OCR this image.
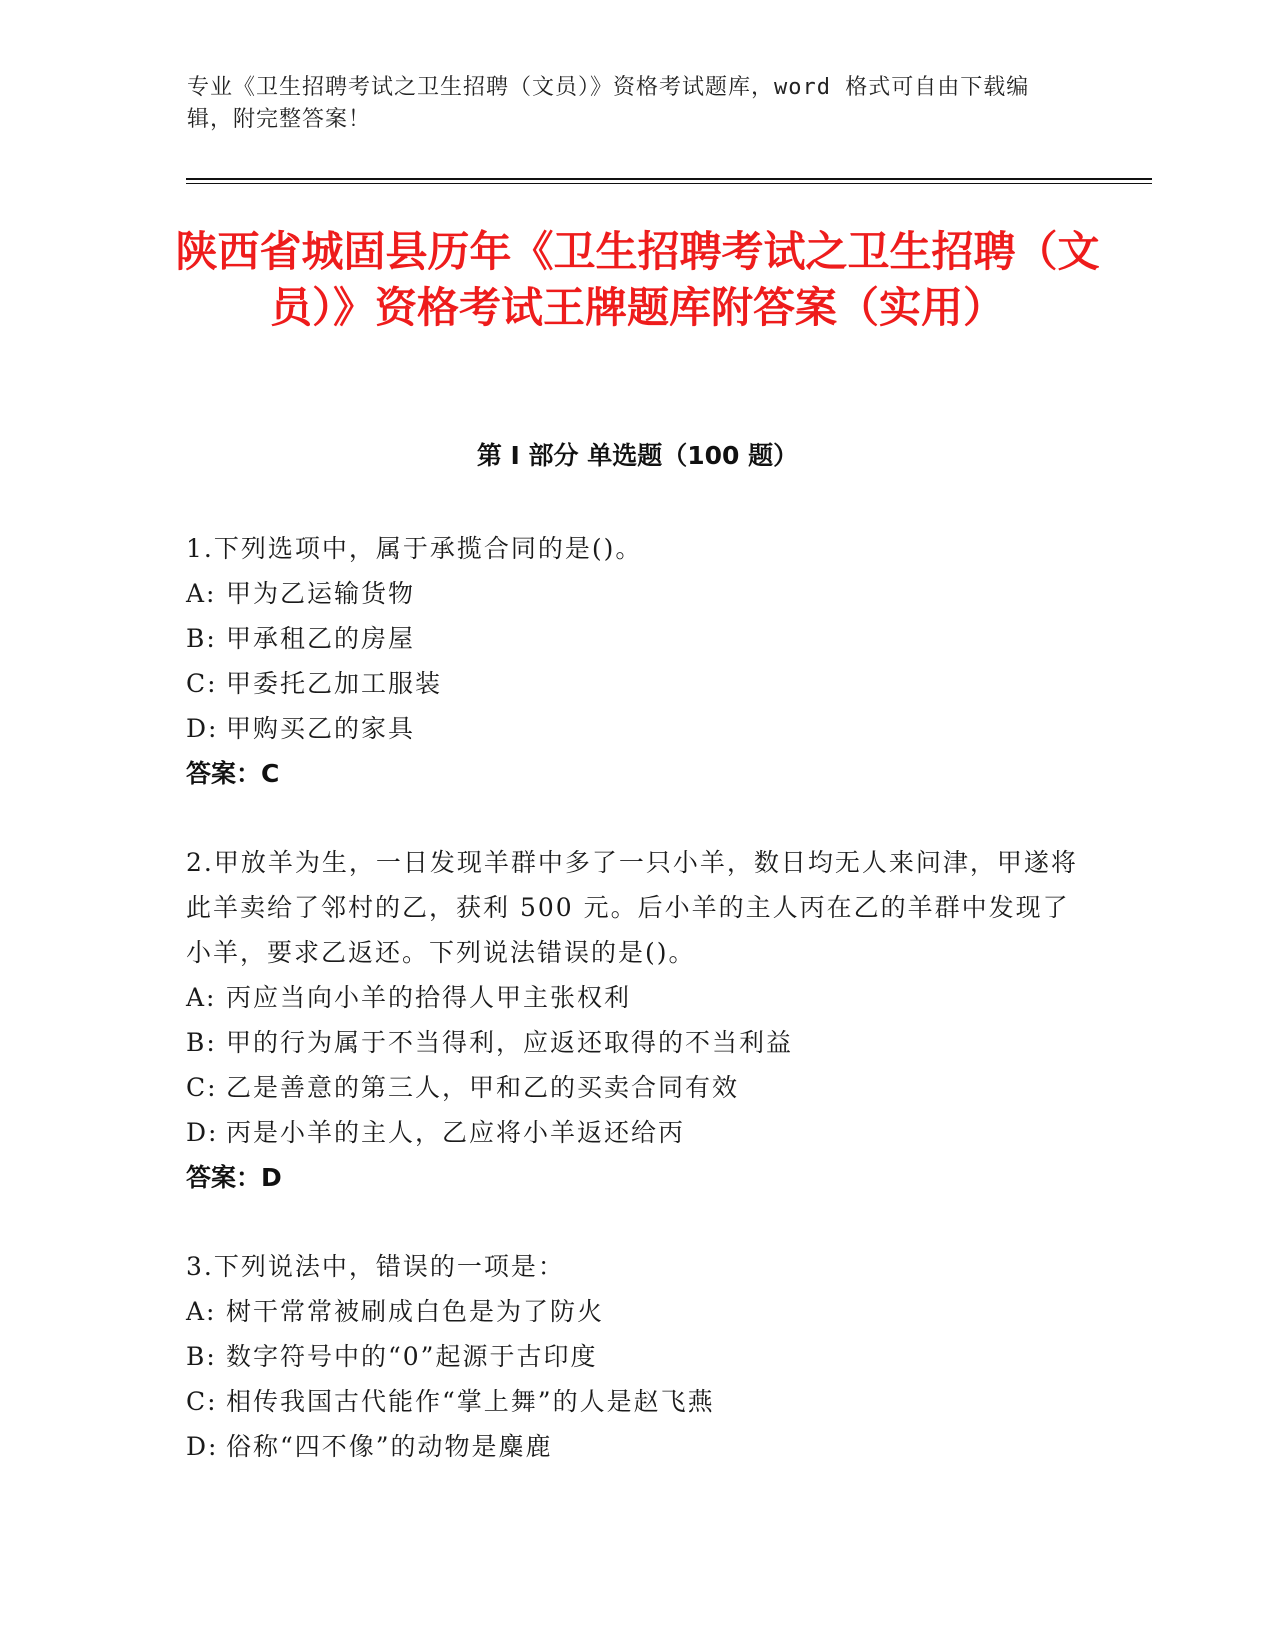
专业《卫生招聘考试之卫生招聘（文员）》资格考试题库，word 格式可自由下载编辑，附完整答案！
陕西省城固县历年《卫生招聘考试之卫生招聘（文员）》资格考试王牌题库附答案（实用）
第 I 部分 单选题（100 题）
1.下列选项中，属于承揽合同的是()。
A: 甲为乙运输货物
B: 甲承租乙的房屋
C: 甲委托乙加工服装
D: 甲购买乙的家具
答案：C
2.甲放羊为生，一日发现羊群中多了一只小羊，数日均无人来问津，甲遂将此羊卖给了邻村的乙，获利 500 元。后小羊的主人丙在乙的羊群中发现了小羊，要求乙返还。下列说法错误的是()。
A: 丙应当向小羊的拾得人甲主张权利
B: 甲的行为属于不当得利，应返还取得的不当利益
C: 乙是善意的第三人，甲和乙的买卖合同有效
D: 丙是小羊的主人，乙应将小羊返还给丙
答案：D
3.下列说法中，错误的一项是：
A: 树干常常被刷成白色是为了防火
B: 数字符号中的“0”起源于古印度
C: 相传我国古代能作“掌上舞”的人是赵飞燕
D: 俗称“四不像”的动物是麋鹿
